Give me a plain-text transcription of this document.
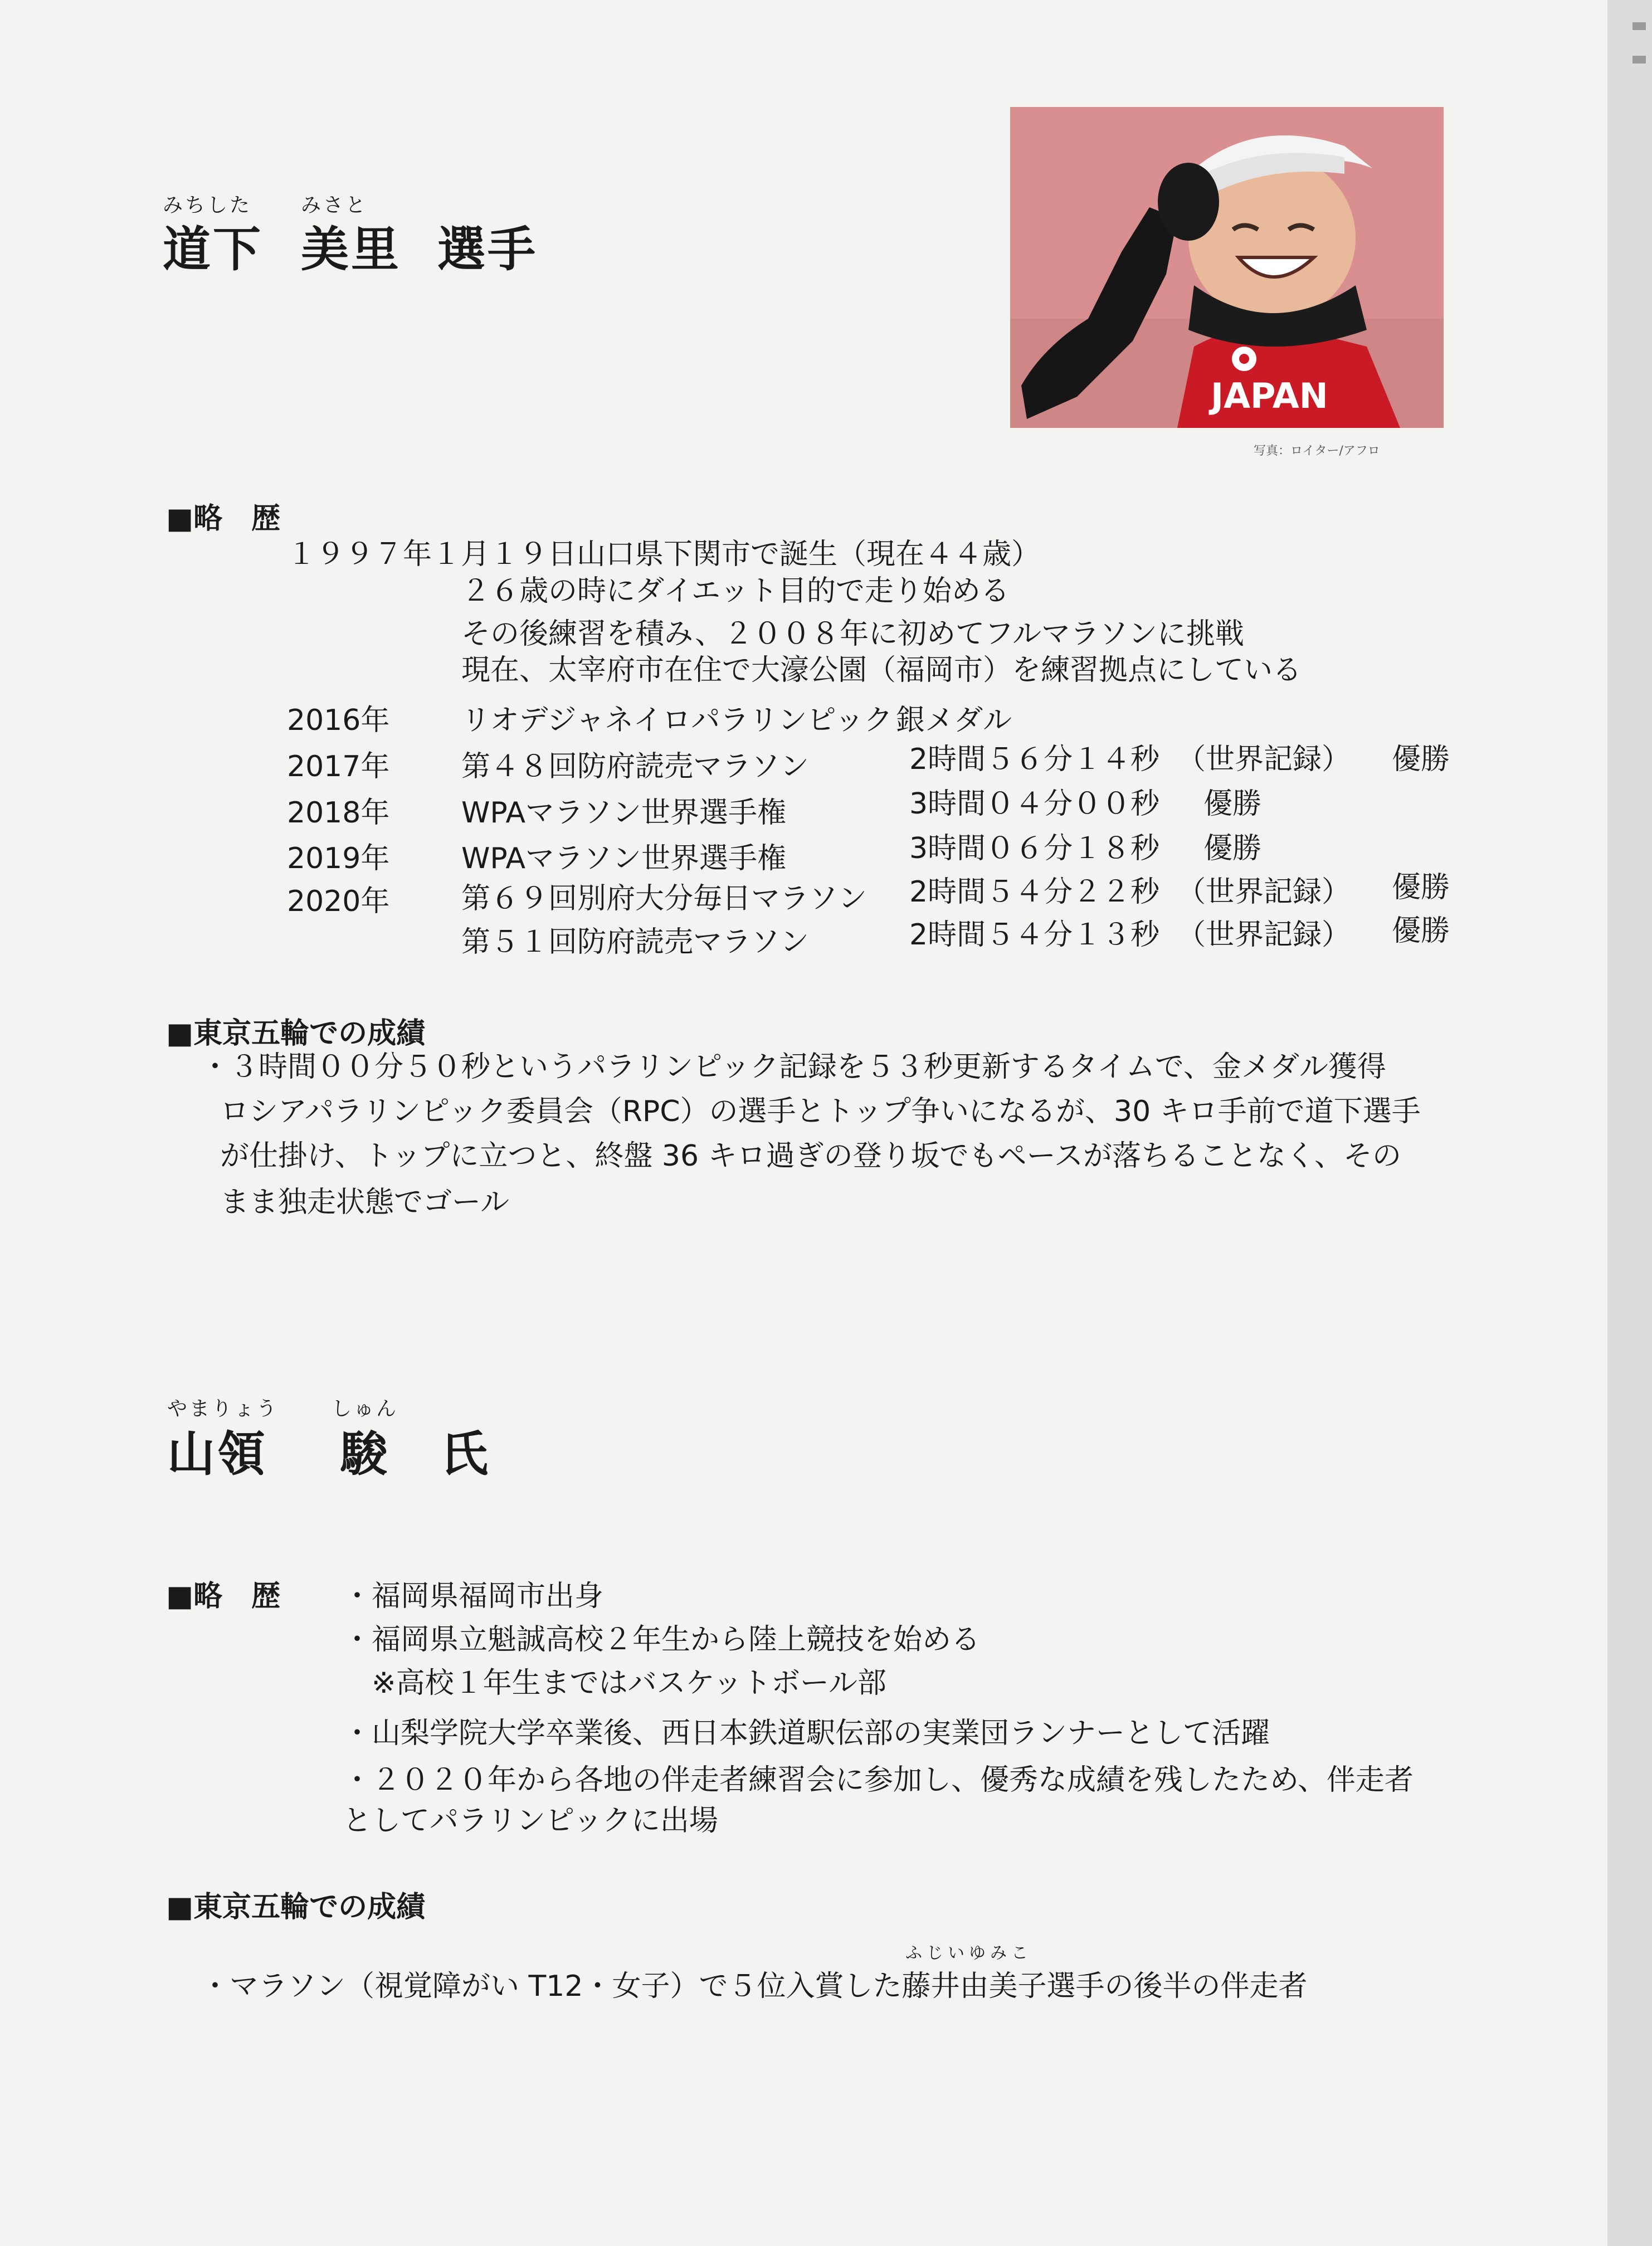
みちした みさと
道下 美里 選手
JAPAN
写真：ロイター/アフロ
■略　歴
１９９７年１月１９日山口県下関市で誕生（現在４４歳）
２６歳の時にダイエット目的で走り始める
その後練習を積み、２００８年に初めてフルマラソンに挑戦
現在、太宰府市在住で大濠公園（福岡市）を練習拠点にしている
2016年 リオデジャネイロパラリンピック 銀メダル
2017年 第４８回防府読売マラソン	2時間５６分１４秒 （世界記録） 優勝
2018年 WPAマラソン世界選手権	3時間０４分００秒 優勝
2019年 WPAマラソン世界選手権	3時間０６分１８秒 優勝
2020年 第６９回別府大分毎日マラソン 2時間５４分２２秒 （世界記録） 優勝
第５１回防府読売マラソン	2時間５４分１３秒 （世界記録） 優勝
■東京五輪での成績
・３時間００分５０秒というパラリンピック記録を５３秒更新するタイムで、金メダル獲得
ロシアパラリンピック委員会（RPC）の選手とトップ争いになるが、30 キロ手前で道下選手
が仕掛け、トップに立つと、終盤 36 キロ過ぎの登り坂でもペースが落ちることなく、その
まま独走状態でゴール
やまりょう	しゅん
山領 駿 氏
■略　歴 ・福岡県福岡市出身
・福岡県立魁誠高校２年生から陸上競技を始める
　※高校１年生まではバスケットボール部
・山梨学院大学卒業後、西日本鉄道駅伝部の実業団ランナーとして活躍
・２０２０年から各地の伴走者練習会に参加し、優秀な成績を残したため、伴走者
としてパラリンピックに出場
■東京五輪での成績
ふじいゆみこ
・マラソン（視覚障がい T12・女子）で５位入賞した藤井由美子選手の後半の伴走者
